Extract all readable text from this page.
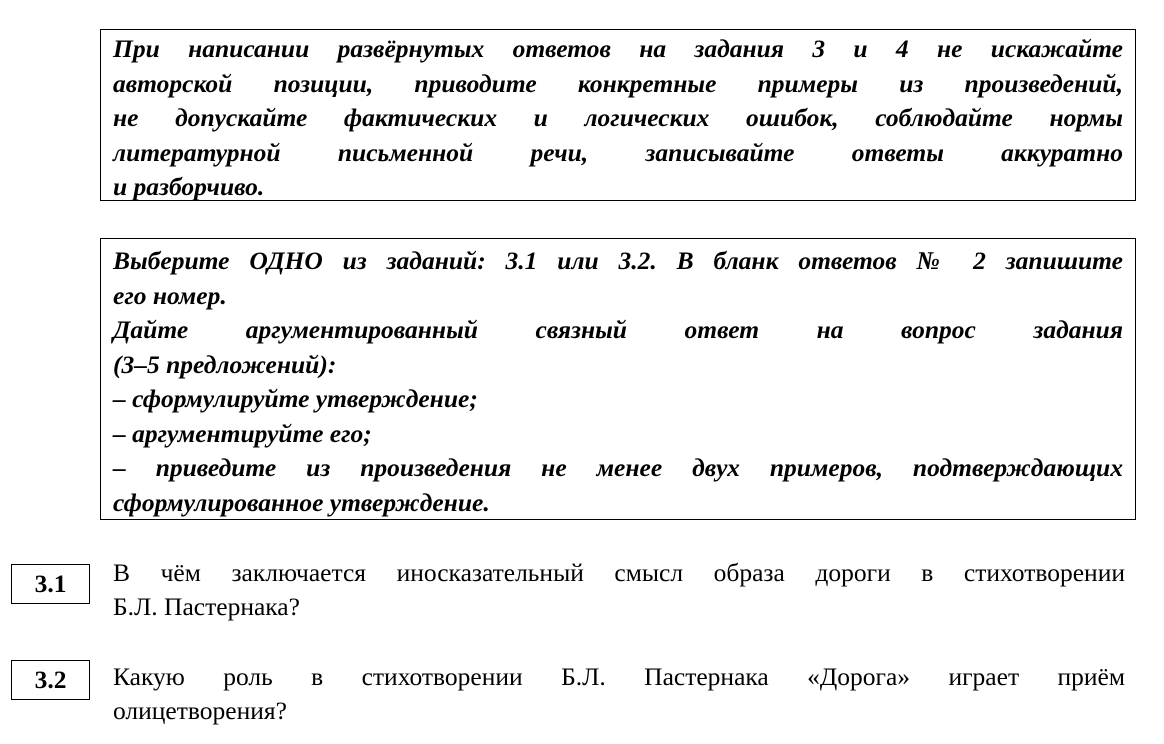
При написании развёрнутых ответов на задания 3 и 4 не искажайте

авторской позиции, приводите конкретные примеры из произведений,

не допускайте фактических и логических ошибок, соблюдайте нормы

литературной письменной речи, записывайте ответы аккуратно

и разборчиво.

Выберите ОДНО из заданий: 3.1 или 3.2. В бланк ответов № 2 запишите

его номер.

Дайте аргументированный связный ответ на вопрос задания

(3–5 предложений):

– сформулируйте утверждение;

– аргументируйте его;

– приведите из произведения не менее двух примеров, подтверждающих

сформулированное утверждение.

3.1	В чём заключается иносказательный смысл образа дороги в стихотворении
Б.Л. Пастернака?
3.2	Какую роль в стихотворении Б.Л. Пастернака «Дорога» играет приём
олицетворения?
